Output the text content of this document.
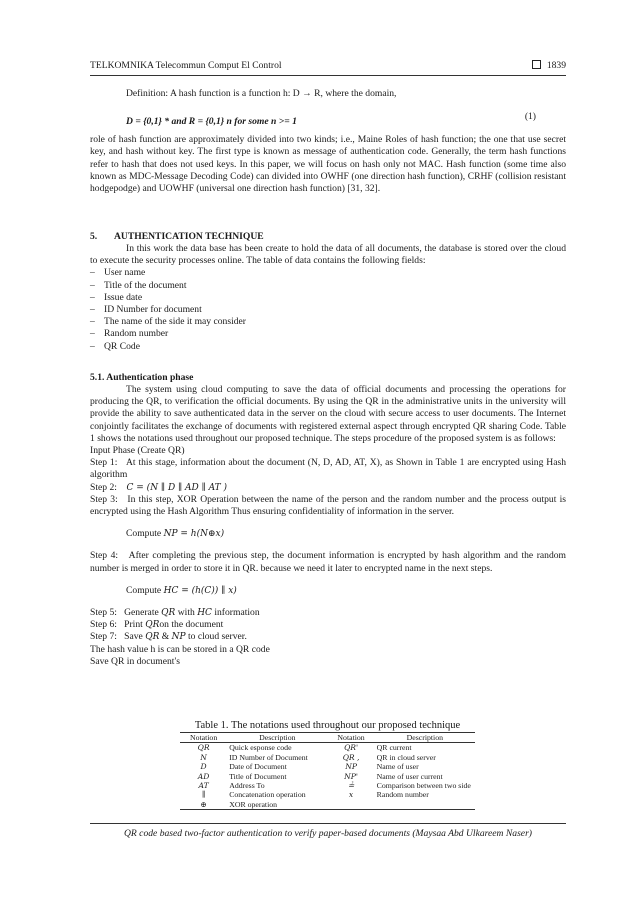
TELKOMNIKA Telecommun Comput El Control	1839

Definition: A hash function is a function h: D → R, where the domain,

D = {0,1} * and R = {0,1} n for some n >= 1	(1)

role of hash function are approximately divided into two kinds; i.e., Maine Roles of hash function; the one that use secret key, and hash without key. The first type is known as message of authentication code. Generally, the term hash functions refer to hash that does not used keys. In this paper, we will focus on hash only not MAC. Hash function (some time also known as MDC-Message Decoding Code) can divided into OWHF (one direction hash function), CRHF (collision resistant hodgepodge) and UOWHF (universal one direction hash function) [31, 32].

5. AUTHENTICATION TECHNIQUE

In this work the data base has been create to hold the data of all documents, the database is stored over the cloud to execute the security processes online. The table of data contains the following fields:

– User name
– Title of the document
– Issue date
– ID Number for document
– The name of the side it may consider
– Random number
– QR Code
5.1. Authentication phase

The system using cloud computing to save the data of official documents and processing the operations for producing the QR, to verification the official documents. By using the QR in the administrative units in the university will provide the ability to save authenticated data in the server on the cloud with secure access to user documents. The Internet conjointly facilitates the exchange of documents with registered external aspect through encrypted QR sharing Code. Table 1 shows the notations used throughout our proposed technique. The steps procedure of the proposed system is as follows:

Input Phase (Create QR)

Step 1: At this stage, information about the document (N, D, AD, AT, X), as Shown in Table 1 are encrypted using Hash algorithm

Step 2: C = (N ∥ D ∥ AD ∥ AT )

Step 3: In this step, XOR Operation between the name of the person and the random number and the process output is encrypted using the Hash Algorithm Thus ensuring confidentiality of information in the server.

Compute NP = h(N⊕x)

Step 4: After completing the previous step, the document information is encrypted by hash algorithm and the random number is merged in order to store it in QR. because we need it later to encrypted name in the next steps.

Compute HC = (h(C)) ∥ x)
Step 5: Generate QR with HC information
Step 6: Print QRon the document
Step 7: Save QR & NP to cloud server.
The hash value h is can be stored in a QR code
Save QR in document's
Table 1. The notations used throughout our proposed technique
Notation	Description	Notation	Description
QR	Quick esponse code	QR'	QR current
N	ID Number of Document	QR ,	QR in cloud server
D	Date of Document	NP	Name of user
AD	Title of Document	NP'	Name of user current
AT	Address To	≟	Comparison between two side
∥	Concatenation operation	x	Random number
⊕	XOR operation		
QR code based two-factor authentication to verify paper-based documents (Maysaa Abd Ulkareem Naser)
